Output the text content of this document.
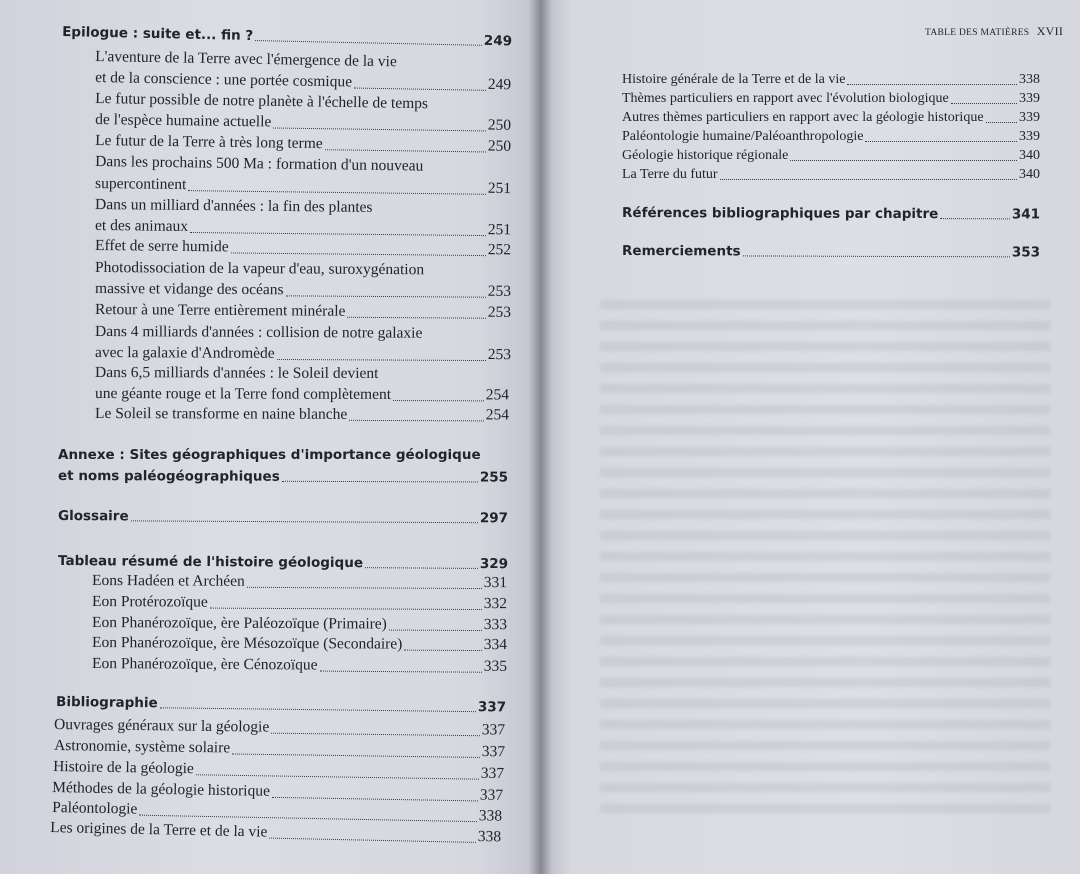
Epilogue : suite et... fin ?	249
L'aventure de la Terre avec l'émergence de la vie
et de la conscience : une portée cosmique	249
Le futur possible de notre planète à l'échelle de temps
de l'espèce humaine actuelle	250
Le futur de la Terre à très long terme	250
Dans les prochains 500 Ma : formation d'un nouveau
supercontinent	251
Dans un milliard d'années : la fin des plantes
et des animaux	251
Effet de serre humide	252
Photodissociation de la vapeur d'eau, suroxygénation
massive et vidange des océans	253
Retour à une Terre entièrement minérale	253
Dans 4 milliards d'années : collision de notre galaxie
avec la galaxie d'Andromède	253
Dans 6,5 milliards d'années : le Soleil devient
une géante rouge et la Terre fond complètement	254
Le Soleil se transforme en naine blanche	254
Annexe : Sites géographiques d'importance géologique
et noms paléogéographiques	255
Glossaire	297
Tableau résumé de l'histoire géologique	329
Eons Hadéen et Archéen	331
Eon Protérozoïque	332
Eon Phanérozoïque, ère Paléozoïque (Primaire)	333
Eon Phanérozoïque, ère Mésozoïque (Secondaire)	334
Eon Phanérozoïque, ère Cénozoïque	335
Bibliographie	337
Ouvrages généraux sur la géologie	337
Astronomie, système solaire	337
Histoire de la géologie	337
Méthodes de la géologie historique	337
Paléontologie	338
Les origines de la Terre et de la vie	338
TABLE DES MATIÈRES XVII
Histoire générale de la Terre et de la vie	338
Thèmes particuliers en rapport avec l'évolution biologique	339
Autres thèmes particuliers en rapport avec la géologie historique	339
Paléontologie humaine/Paléoanthropologie	339
Géologie historique régionale	340
La Terre du futur	340
Références bibliographiques par chapitre	341
Remerciements	353
